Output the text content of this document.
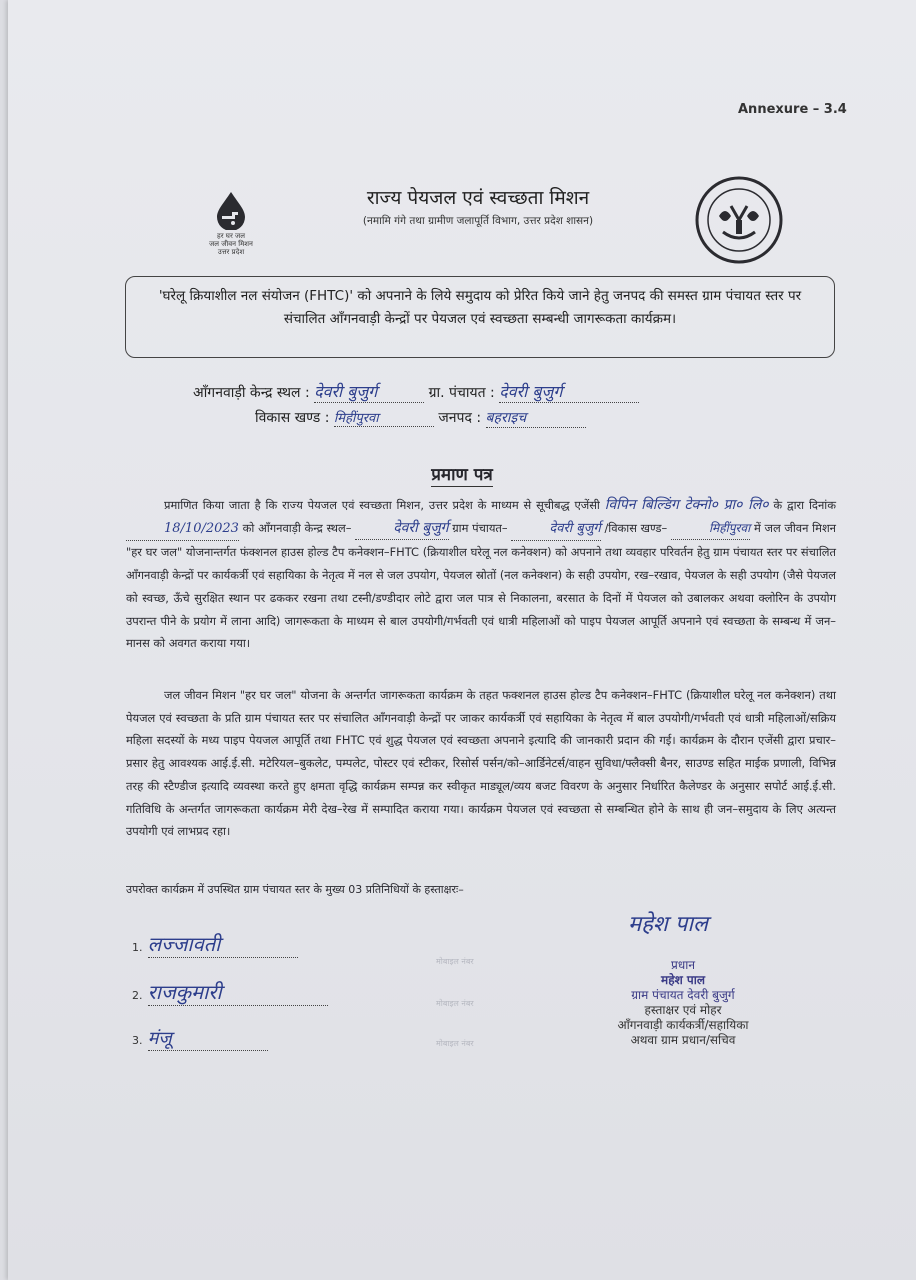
Annexure – 3.4
हर घर जल
जल जीवन मिशन
उत्तर प्रदेश
राज्य पेयजल एवं स्वच्छता मिशन
(नमामि गंगे तथा ग्रामीण जलापूर्ति विभाग, उत्तर प्रदेश शासन)
'घरेलू क्रियाशील नल संयोजन (FHTC)' को अपनाने के लिये समुदाय को प्रेरित किये जाने हेतु जनपद की समस्त ग्राम पंचायत स्तर पर संचालित आँगनवाड़ी केन्द्रों पर पेयजल एवं स्वच्छता सम्बन्धी जागरूकता कार्यक्रम।
आँगनवाड़ी केन्द्र स्थल : देवरी बुजुर्ग	ग्रा. पंचायत : देवरी बुजुर्ग
विकास खण्ड : मिहींपुरवा	जनपद : बहराइच
प्रमाण पत्र

प्रमाणित किया जाता है कि राज्य पेयजल एवं स्वच्छता मिशन, उत्तर प्रदेश के माध्यम से सूचीबद्ध एजेंसी विपिन बिल्डिंग टेक्नो० प्रा० लि० के द्वारा दिनांक 18/10/2023 को आँगनवाड़ी केन्द्र स्थल–	देवरी बुजुर्ग ग्राम पंचायत–	देवरी बुजुर्ग /विकास खण्ड–	मिहींपुरवा में जल जीवन मिशन "हर घर जल" योजनान्तर्गत फंक्शनल हाउस होल्ड टैप कनेक्शन–FHTC (क्रियाशील घरेलू नल कनेक्शन) को अपनाने तथा व्यवहार परिवर्तन हेतु ग्राम पंचायत स्तर पर संचालित आँगनवाड़ी केन्द्रों पर कार्यकर्त्री एवं सहायिका के नेतृत्व में नल से जल उपयोग, पेयजल स्रोतों (नल कनेक्शन) के सही उपयोग, रख–रखाव, पेयजल के सही उपयोग (जैसे पेयजल को स्वच्छ, ऊँचे सुरक्षित स्थान पर ढककर रखना तथा टस्नी/डण्डीदार लोटे द्वारा जल पात्र से निकालना, बरसात के दिनों में पेयजल को उबालकर अथवा क्लोरिन के उपयोग उपरान्त पीने के प्रयोग में लाना आदि) जागरूकता के माध्यम से बाल उपयोगी/गर्भवती एवं धात्री महिलाओं को पाइप पेयजल आपूर्ति अपनाने एवं स्वच्छता के सम्बन्ध में जन–मानस को अवगत कराया गया।

जल जीवन मिशन "हर घर जल" योजना के अन्तर्गत जागरूकता कार्यक्रम के तहत फक्शनल हाउस होल्ड टैप कनेक्शन–FHTC (क्रियाशील घरेलू नल कनेक्शन) तथा पेयजल एवं स्वच्छता के प्रति ग्राम पंचायत स्तर पर संचालित आँगनवाड़ी केन्द्रों पर जाकर कार्यकर्त्री एवं सहायिका के नेतृत्व में बाल उपयोगी/गर्भवती एवं धात्री महिलाओं/सक्रिय महिला सदस्यों के मध्य पाइप पेयजल आपूर्ति तथा FHTC एवं शुद्ध पेयजल एवं स्वच्छता अपनाने इत्यादि की जानकारी प्रदान की गई। कार्यक्रम के दौरान एजेंसी द्वारा प्रचार–प्रसार हेतु आवश्यक आई.ई.सी. मटेरियल–बुकलेट, पम्पलेट, पोस्टर एवं स्टीकर, रिसोर्स पर्सन/को–आर्डिनेटर्स/वाहन सुविधा/फ्लैक्सी बैनर, साउण्ड सहित माईक प्रणाली, विभिन्न तरह की स्टैण्डीज इत्यादि व्यवस्था करते हुए क्षमता वृद्धि कार्यक्रम सम्पन्न कर स्वीकृत माड्यूल/व्यय बजट विवरण के अनुसार निर्धारित कैलेण्डर के अनुसार सपोर्ट आई.ई.सी. गतिविधि के अन्तर्गत जागरूकता कार्यक्रम मेरी देख–रेख में सम्पादित कराया गया। कार्यक्रम पेयजल एवं स्वच्छता से सम्बन्धित होने के साथ ही जन–समुदाय के लिए अत्यन्त उपयोगी एवं लाभप्रद रहा।

उपरोक्त कार्यक्रम में उपस्थित ग्राम पंचायत स्तर के मुख्य 03 प्रतिनिधियों के हस्ताक्षरः–
1. लज्जावती
2. राजकुमारी
3. मंजू
मोबाइल नंबर
मोबाइल नंबर
मोबाइल नंबर
महेश पाल
प्रधान
महेश पाल
ग्राम पंचायत देवरी बुजुर्ग
हस्ताक्षर एवं मोहर
आँगनवाड़ी कार्यकर्त्री/सहायिका
अथवा ग्राम प्रधान/सचिव
